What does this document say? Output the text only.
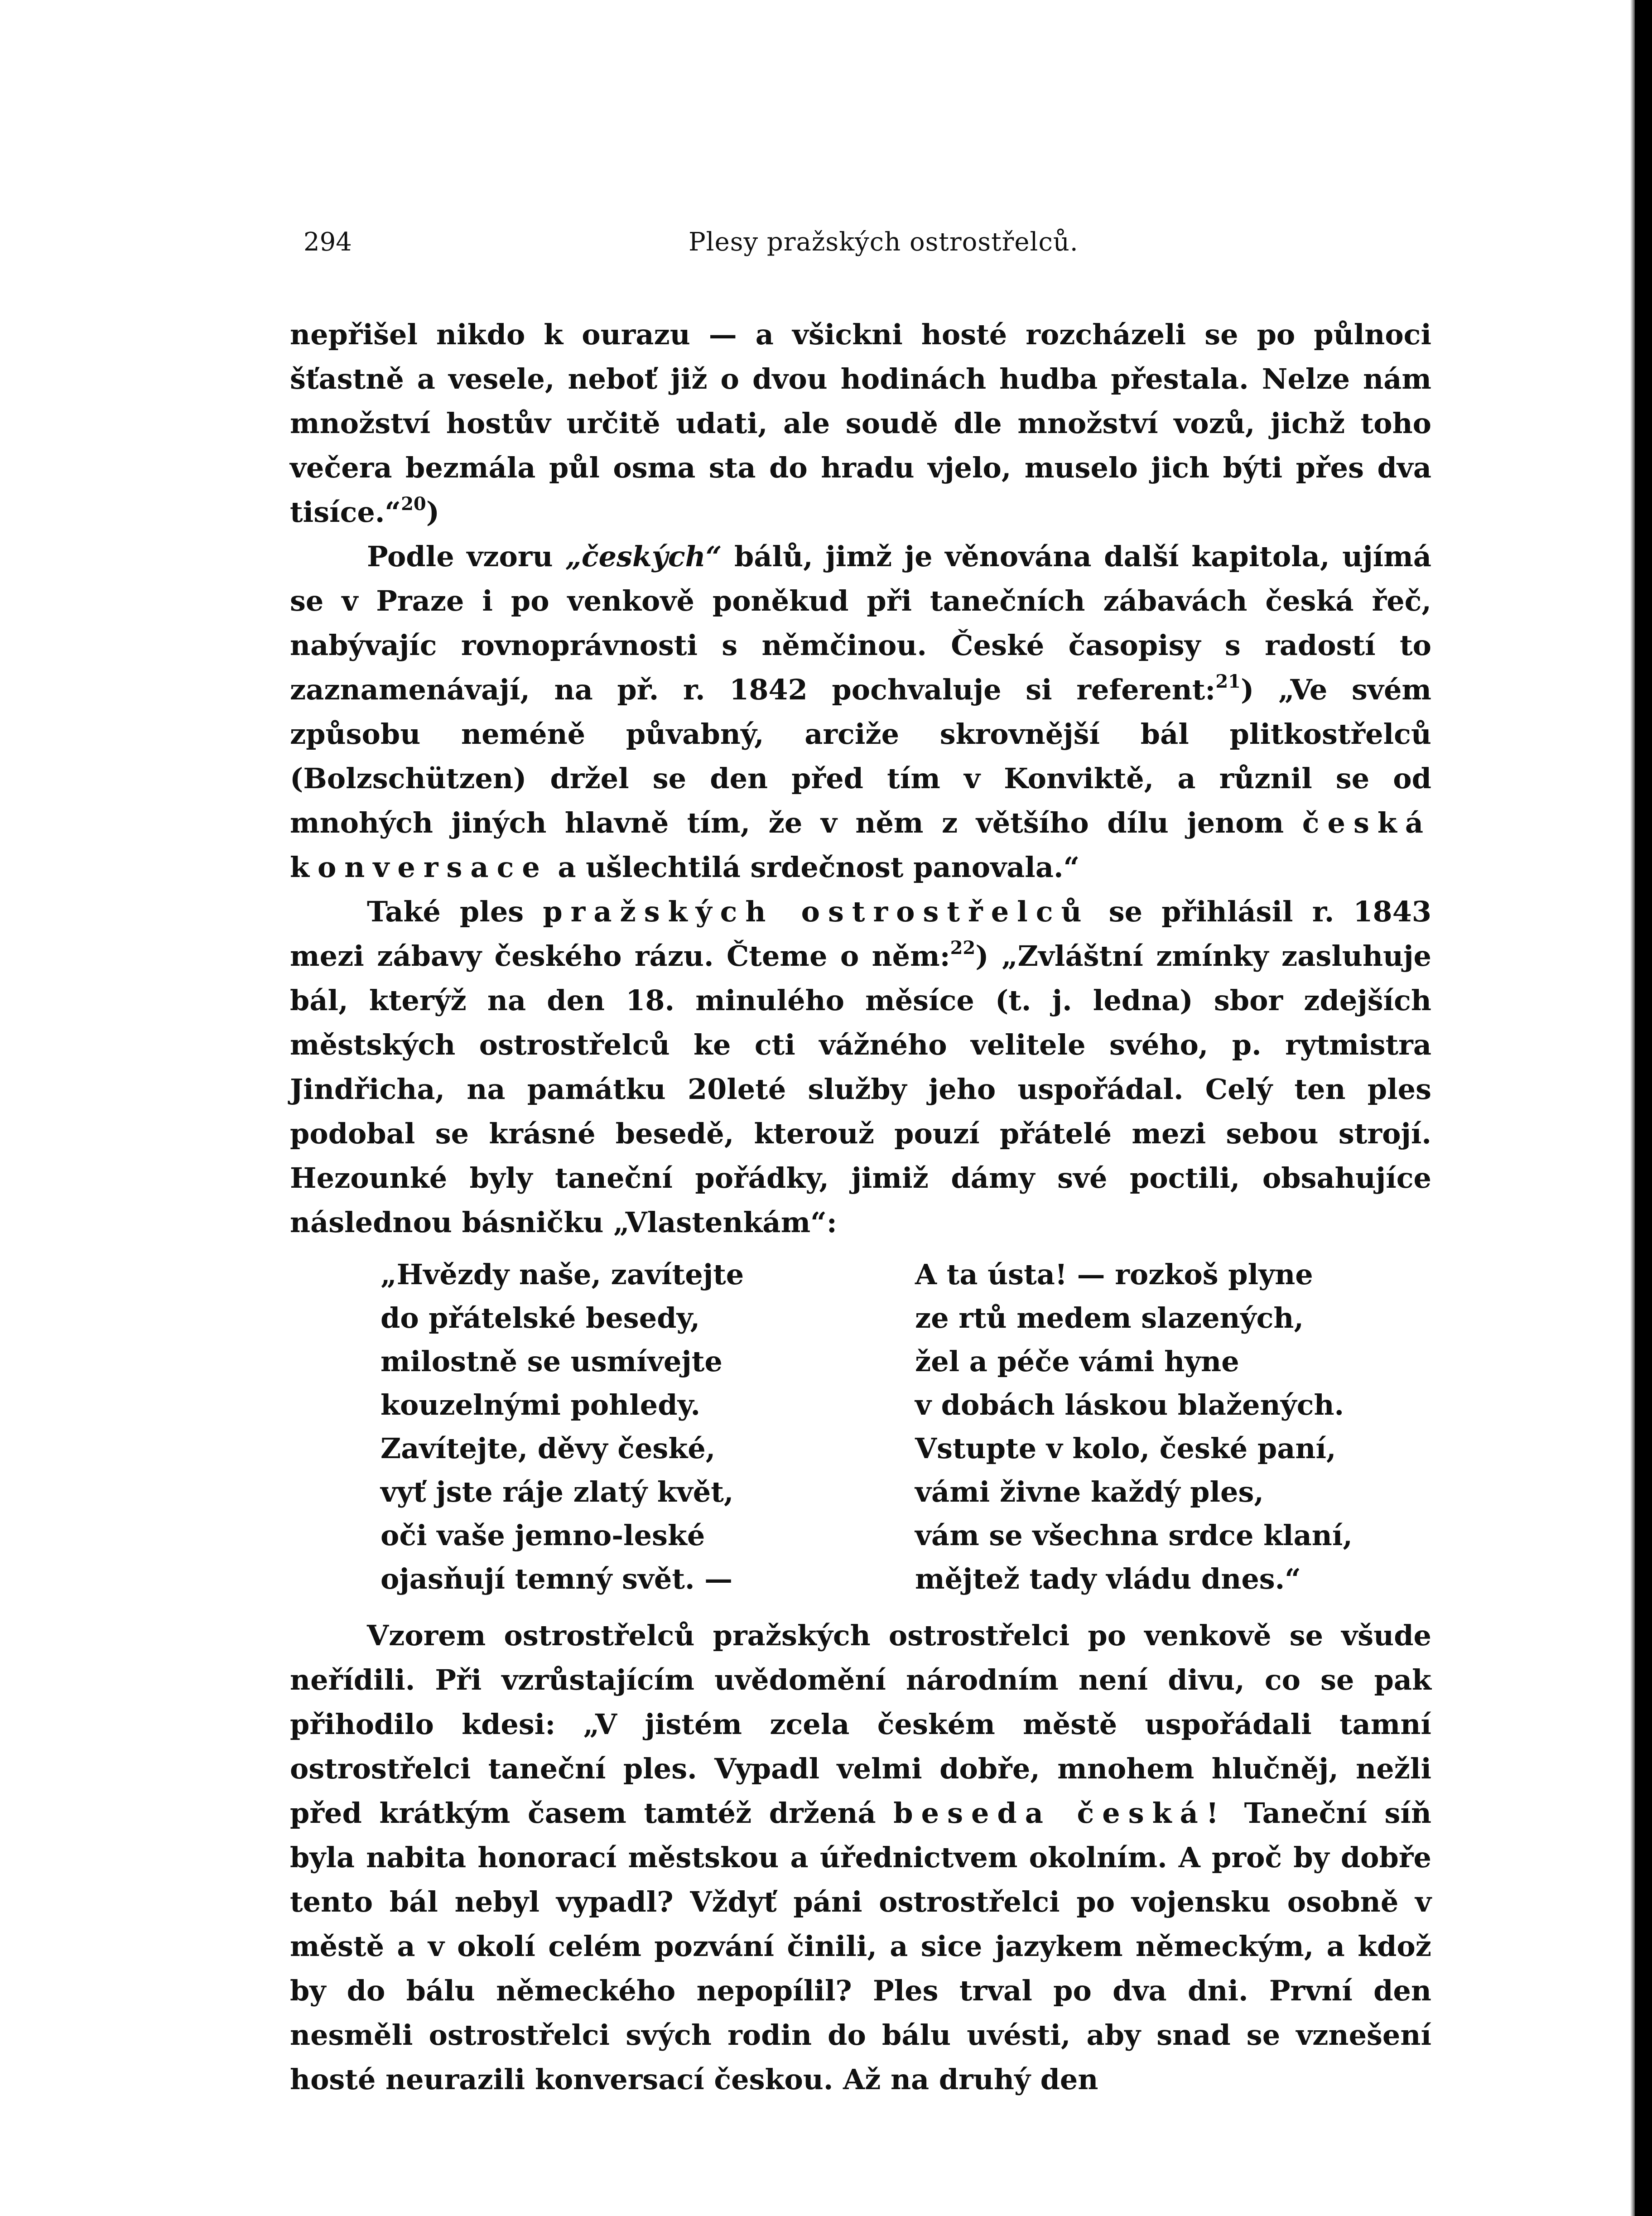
294	Plesy pražských ostrostřelců.

nepřišel nikdo k ourazu — a všickni hosté rozcházeli se po půlnoci šťastně a vesele, neboť již o dvou hodinách hudba přestala. Nelze nám množství hostův určitě udati, ale soudě dle množství vozů, jichž toho večera bezmála půl osma sta do hradu vjelo, muselo jich býti přes dva tisíce.“$^{20}$)

Podle vzoru „českých“ bálů, jimž je věnována další kapitola, ujímá se v Praze i po venkově poněkud při tanečních zábavách česká řeč, nabývajíc rovnoprávnosti s němčinou. České časopisy s radostí to zaznamenávají, na př. r. 1842 pochvaluje si referent:$^{21}$) „Ve svém způsobu neméně půvabný, arciže skrovnější bál plitkostřelců (Bolzschützen) držel se den před tím v Konviktě, a různil se od mnohých jiných hlavně tím, že v něm z většího dílu jenom česká konversace a ušlechtilá srdečnost panovala.“

Také ples pražských ostrostřelců se přihlásil r. 1843 mezi zábavy českého rázu. Čteme o něm:$^{22}$) „Zvláštní zmínky zasluhuje bál, kterýž na den 18. minulého měsíce (t. j. ledna) sbor zdejších městských ostrostřelců ke cti vážného velitele svého, p. rytmistra Jindřicha, na památku 20leté služby jeho uspořádal. Celý ten ples podobal se krásné besedě, kterouž pouzí přátelé mezi sebou strojí. Hezounké byly taneční pořádky, jimiž dámy své poctili, obsahujíce následnou básničku „Vlastenkám“:

„Hvězdy naše, zavítejte

do přátelské besedy,

milostně se usmívejte

kouzelnými pohledy.

Zavítejte, děvy české,

vyť jste ráje zlatý květ,

oči vaše jemno-leské

ojasňují temný svět. —

A ta ústa! — rozkoš plyne

ze rtů medem slazených,

žel a péče vámi hyne

v dobách láskou blažených.

Vstupte v kolo, české paní,

vámi živne každý ples,

vám se všechna srdce klaní,

mějtež tady vládu dnes.“

Vzorem ostrostřelců pražských ostrostřelci po venkově se všude neřídili. Při vzrůstajícím uvědomění národním není divu, co se pak přihodilo kdesi: „V jistém zcela českém městě uspořádali tamní ostrostřelci taneční ples. Vypadl velmi dobře, mnohem hlučněj, nežli před krátkým časem tamtéž držená beseda česká! Taneční síň byla nabita honorací městskou a úřednictvem okolním. A proč by dobře tento bál nebyl vypadl? Vždyť páni ostrostřelci po vojensku osobně v městě a v okolí celém pozvání činili, a sice jazykem německým, a kdož by do bálu německého nepopílil? Ples trval po dva dni. První den nesměli ostrostřelci svých rodin do bálu uvésti, aby snad se vznešení hosté neurazili konversací českou. Až na druhý den
